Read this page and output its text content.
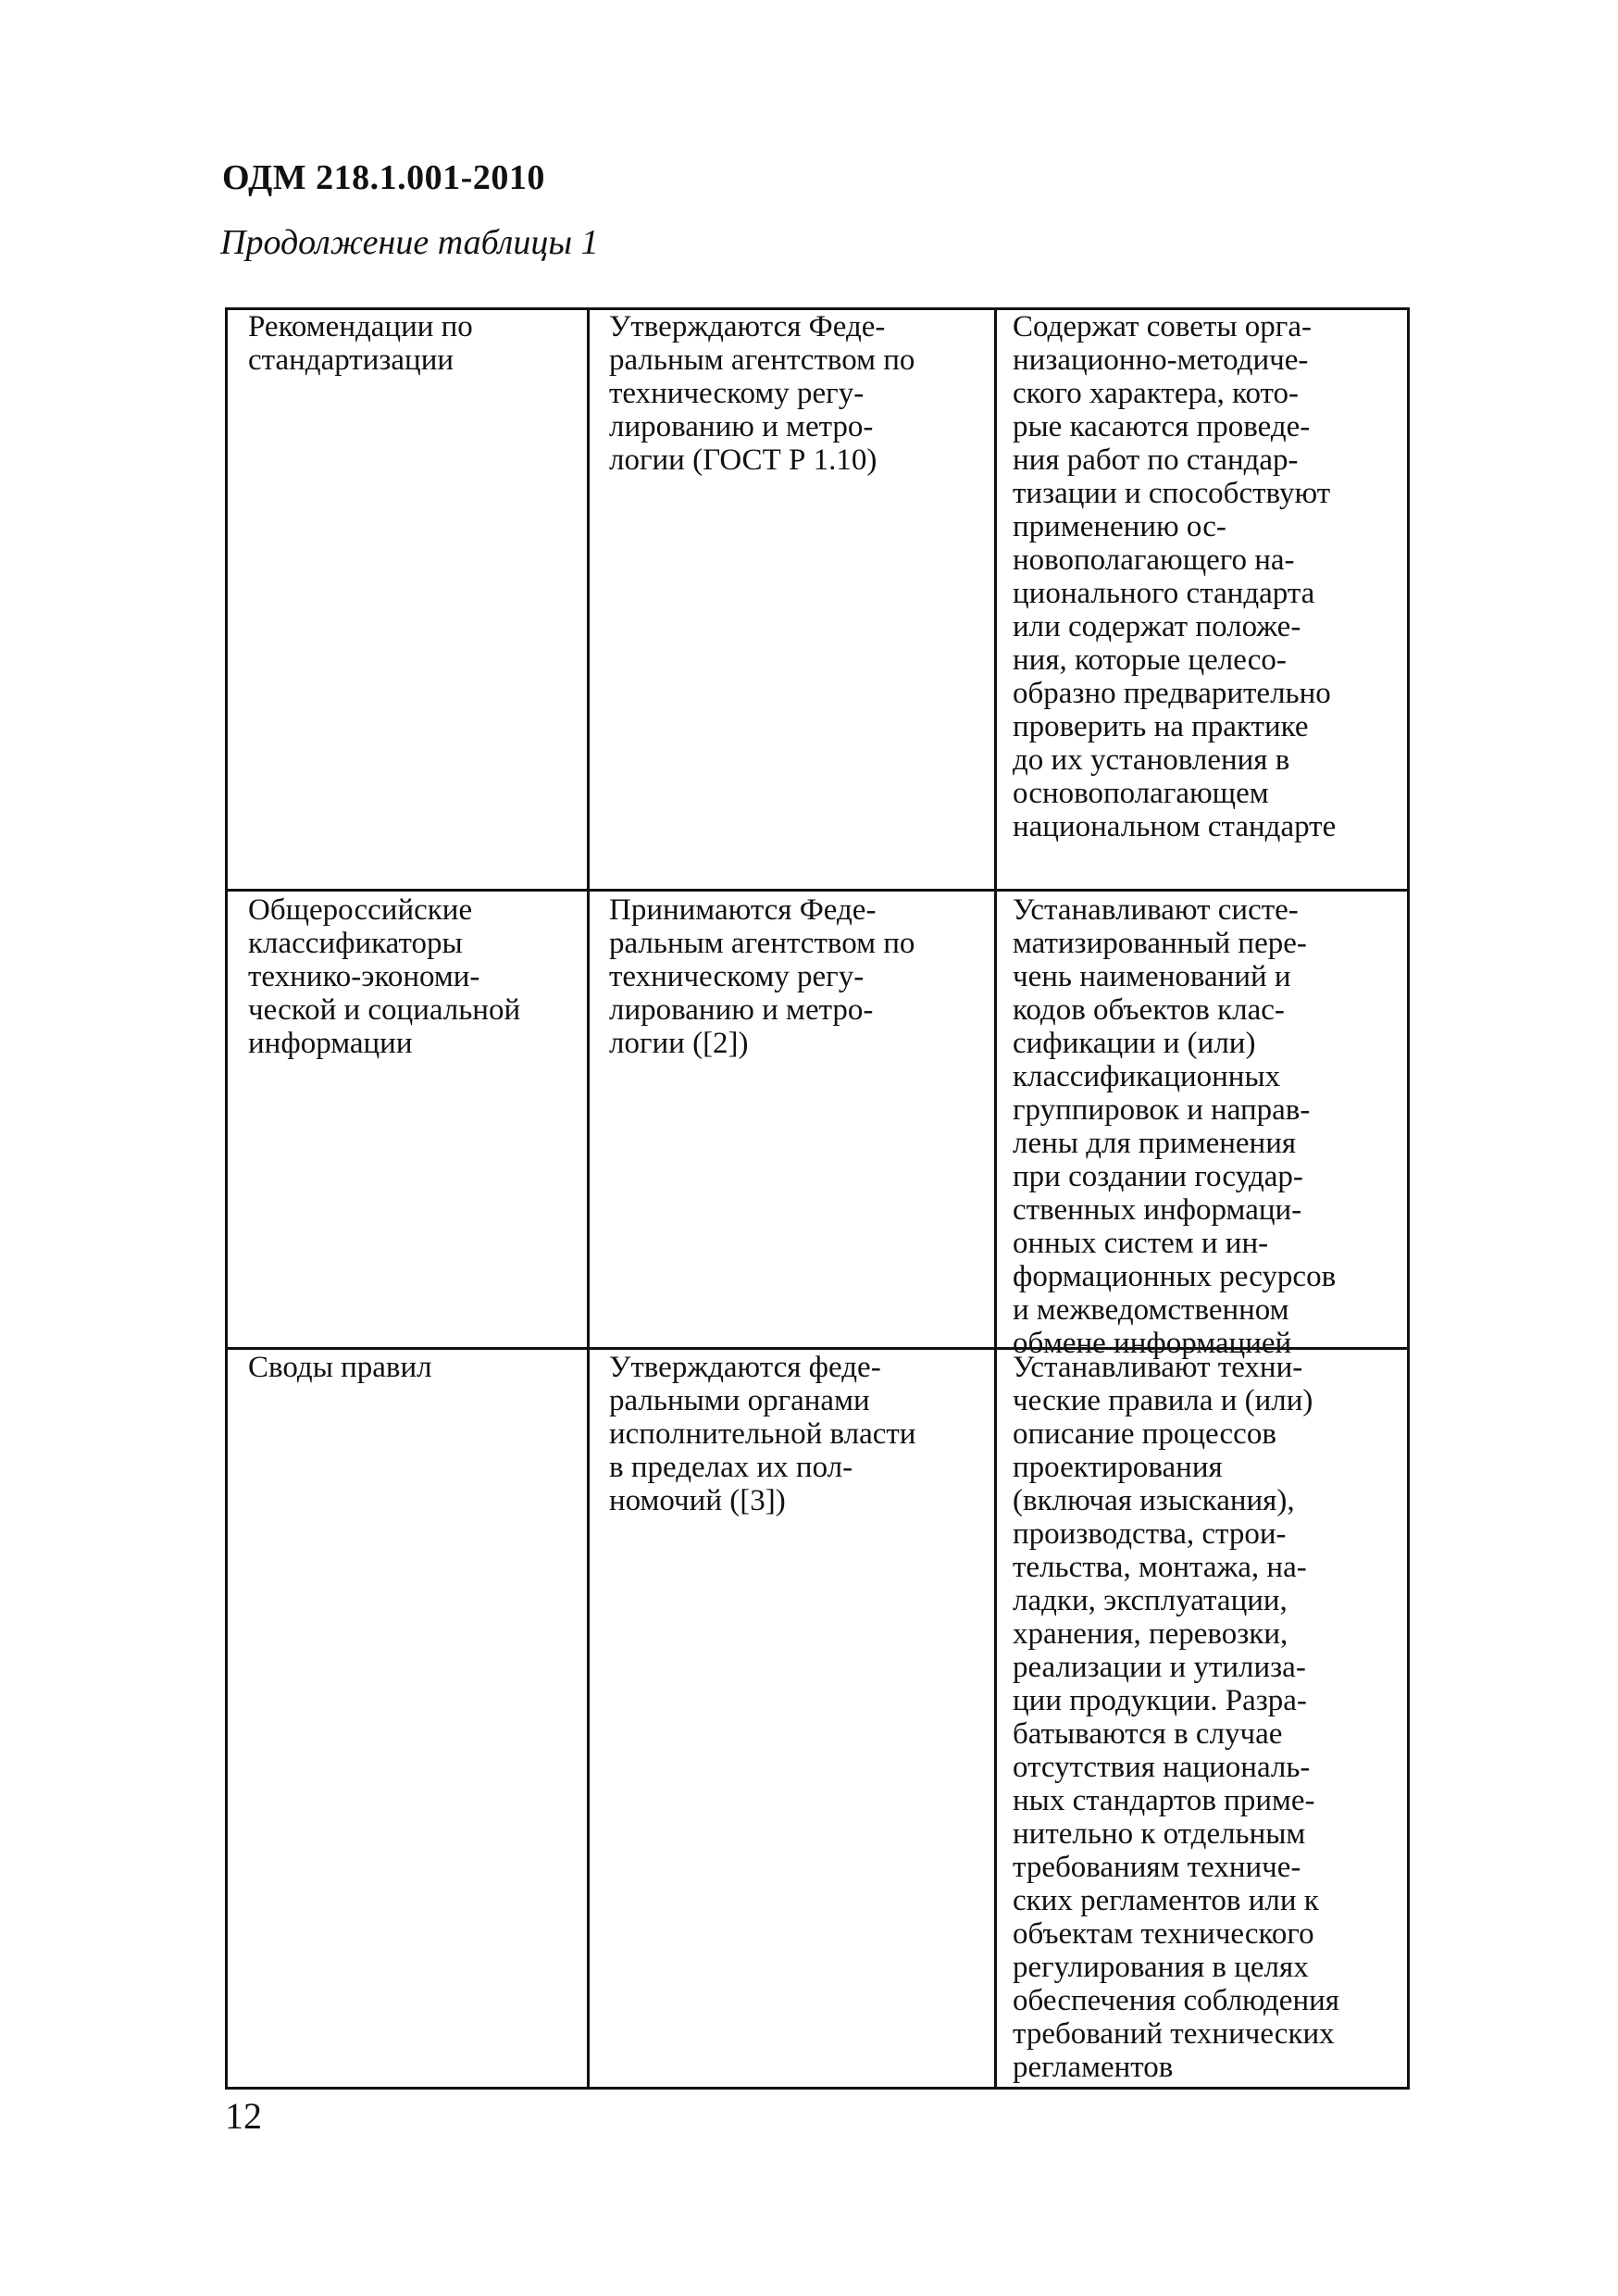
ОДМ 218.1.001-2010
Продолжение таблицы 1
Рекомендации по
стандартизации
Утверждаются Феде-
ральным агентством по
техническому регу-
лированию и метро-
логии (ГОСТ Р 1.10)
Содержат советы орга-
низационно-методиче-
ского характера, кото-
рые касаются проведе-
ния работ по стандар-
тизации и способствуют
применению ос-
новополагающего на-
ционального стандарта
или содержат положе-
ния, которые целесо-
образно предварительно
проверить на практике
до их установления в
основополагающем
национальном стандарте
Общероссийские
классификаторы
технико-экономи-
ческой и социальной
информации
Принимаются Феде-
ральным агентством по
техническому регу-
лированию и метро-
логии ([2])
Устанавливают систе-
матизированный пере-
чень наименований и
кодов объектов клас-
сификации и (или)
классификационных
группировок и направ-
лены для применения
при создании государ-
ственных информаци-
онных систем и ин-
формационных ресурсов
и межведомственном
обмене информацией
Своды правил	Утверждаются феде-
ральными органами
исполнительной власти
в пределах их пол-
номочий ([3])
Устанавливают техни-
ческие правила и (или)
описание процессов
проектирования
(включая изыскания),
производства, строи-
тельства, монтажа, на-
ладки, эксплуатации,
хранения, перевозки,
реализации и утилиза-
ции продукции. Разра-
батываются в случае
отсутствия националь-
ных стандартов приме-
нительно к отдельным
требованиям техниче-
ских регламентов или к
объектам технического
регулирования в целях
обеспечения соблюдения
требований технических
регламентов
12
